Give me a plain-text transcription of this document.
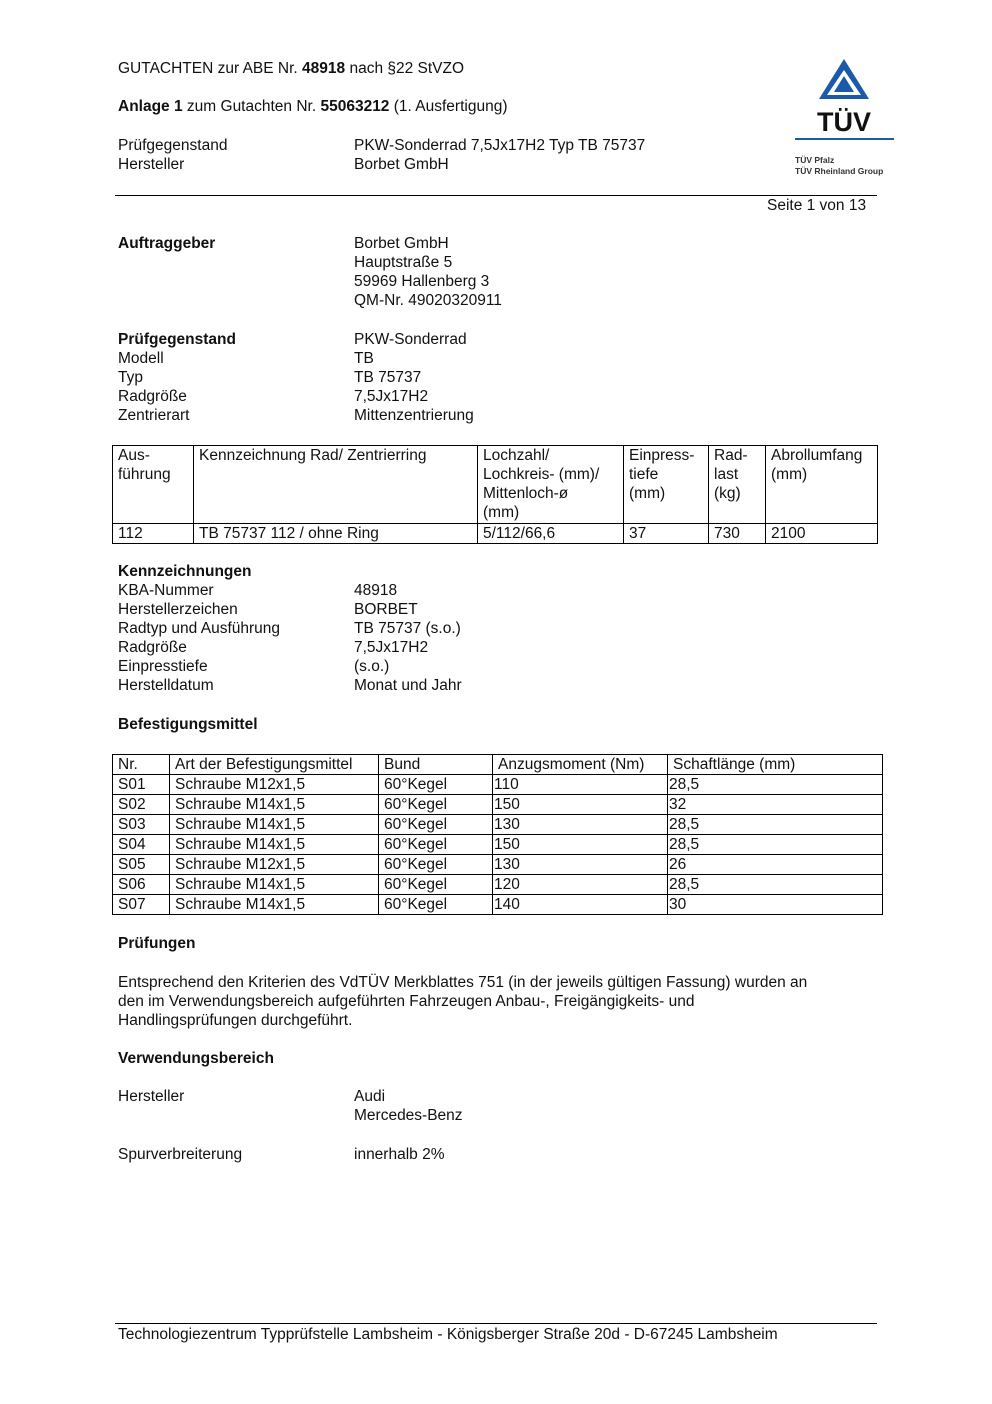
GUTACHTEN zur ABE Nr. 48918 nach §22 StVZO
Anlage 1 zum Gutachten Nr. 55063212 (1. Ausfertigung)
Prüfgegenstand	PKW-Sonderrad 7,5Jx17H2 Typ TB 75737
Hersteller	Borbet GmbH
TÜV
TÜV Pfalz
TÜV Rheinland Group
Seite 1 von 13
Auftraggeber	Borbet GmbH
Hauptstraße 5
59969 Hallenberg 3
QM-Nr. 49020320911
Prüfgegenstand	PKW-Sonderrad
Modell	TB
Typ	TB 75737
Radgröße	7,5Jx17H2
Zentrierart	Mittenzentrierung
Aus-
führung	Kennzeichnung Rad/ Zentrierring	Lochzahl/
Lochkreis- (mm)/
Mittenloch-ø
(mm)	Einpress-
tiefe
(mm)	Rad-
last
(kg)	Abrollumfang
(mm)
112	TB 75737 112 / ohne Ring	5/112/66,6	37	730	2100
Kennzeichnungen
KBA-Nummer	48918
Herstellerzeichen	BORBET
Radtyp und Ausführung	TB 75737 (s.o.)
Radgröße	7,5Jx17H2
Einpresstiefe	(s.o.)
Herstelldatum	Monat und Jahr
Befestigungsmittel
Nr.	Art der Befestigungsmittel	Bund	Anzugsmoment (Nm)	Schaftlänge (mm)
S01	Schraube M12x1,5	60°Kegel	110	28,5
S02	Schraube M14x1,5	60°Kegel	150	32
S03	Schraube M14x1,5	60°Kegel	130	28,5
S04	Schraube M14x1,5	60°Kegel	150	28,5
S05	Schraube M12x1,5	60°Kegel	130	26
S06	Schraube M14x1,5	60°Kegel	120	28,5
S07	Schraube M14x1,5	60°Kegel	140	30
Prüfungen
Entsprechend den Kriterien des VdTÜV Merkblattes 751 (in der jeweils gültigen Fassung) wurden an
den im Verwendungsbereich aufgeführten Fahrzeugen Anbau-, Freigängigkeits- und
Handlingsprüfungen durchgeführt.
Verwendungsbereich
Hersteller	Audi
Mercedes-Benz
Spurverbreiterung	innerhalb 2%
Technologiezentrum Typprüfstelle Lambsheim - Königsberger Straße 20d - D-67245 Lambsheim
